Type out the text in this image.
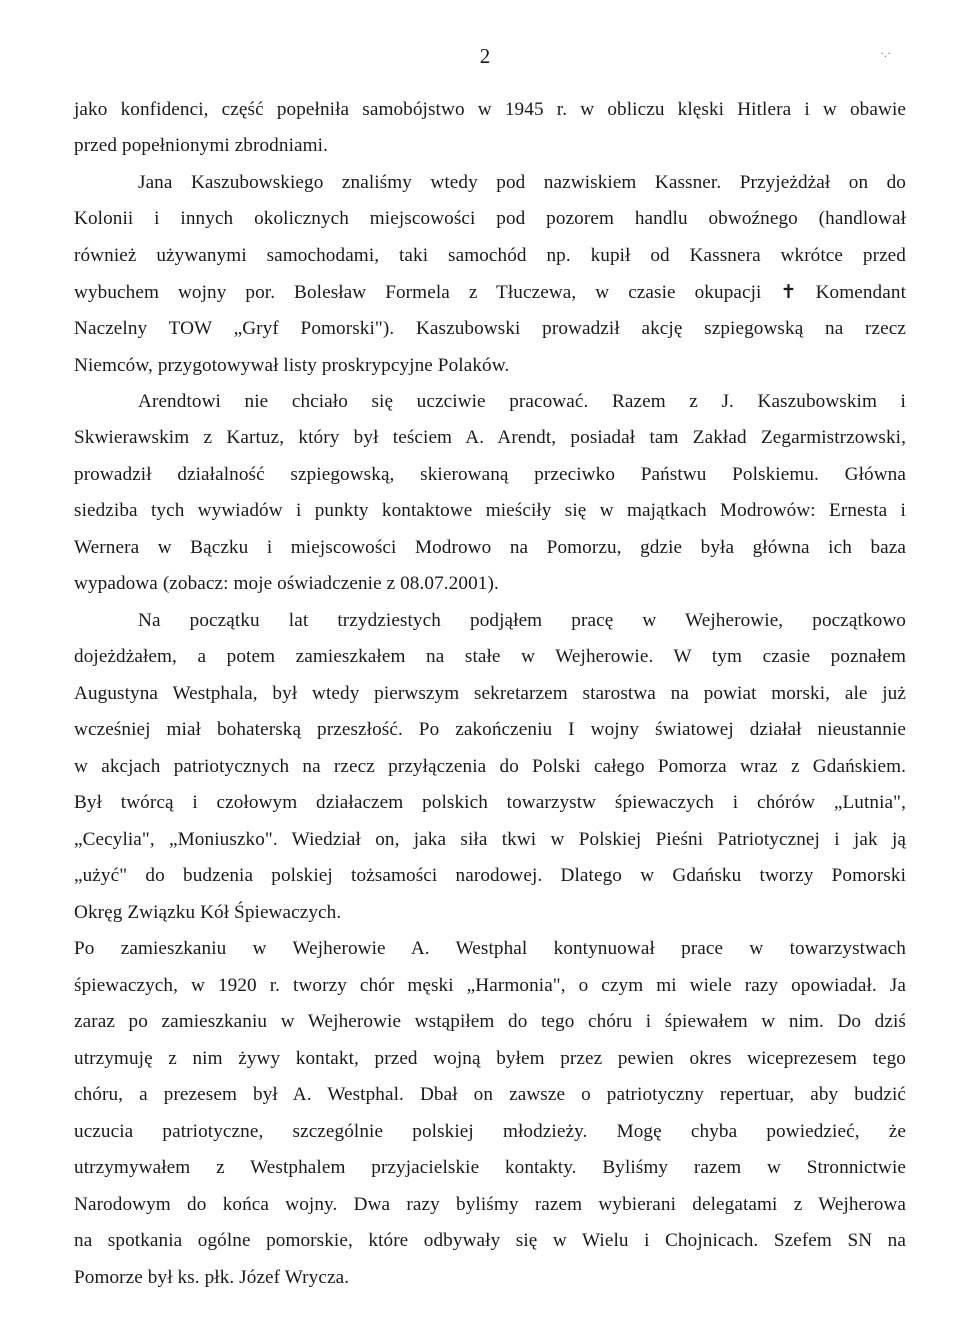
2	·.·
jako konfidenci, część popełniła samobójstwo w 1945 r. w obliczu klęski Hitlera i w obawie
przed popełnionymi zbrodniami.
Jana Kaszubowskiego znaliśmy wtedy pod nazwiskiem Kassner. Przyjeżdżał on do
Kolonii i innych okolicznych miejscowości pod pozorem handlu obwoźnego (handlował
również używanymi samochodami, taki samochód np. kupił od Kassnera wkrótce przed
wybuchem wojny por. Bolesław Formela z Tłuczewa, w czasie okupacji ✝ Komendant
Naczelny TOW „Gryf Pomorski"). Kaszubowski prowadził akcję szpiegowską na rzecz
Niemców, przygotowywał listy proskrypcyjne Polaków.
Arendtowi nie chciało się uczciwie pracować. Razem z J. Kaszubowskim i
Skwierawskim z Kartuz, który był teściem A. Arendt, posiadał tam Zakład Zegarmistrzowski,
prowadził działalność szpiegowską, skierowaną przeciwko Państwu Polskiemu. Główna
siedziba tych wywiadów i punkty kontaktowe mieściły się w majątkach Modrowów: Ernesta i
Wernera w Bączku i miejscowości Modrowo na Pomorzu, gdzie była główna ich baza
wypadowa (zobacz: moje oświadczenie z 08.07.2001).
Na początku lat trzydziestych podjąłem pracę w Wejherowie, początkowo
dojeżdżałem, a potem zamieszkałem na stałe w Wejherowie. W tym czasie poznałem
Augustyna Westphala, był wtedy pierwszym sekretarzem starostwa na powiat morski, ale już
wcześniej miał bohaterską przeszłość. Po zakończeniu I wojny światowej działał nieustannie
w akcjach patriotycznych na rzecz przyłączenia do Polski całego Pomorza wraz z Gdańskiem.
Był twórcą i czołowym działaczem polskich towarzystw śpiewaczych i chórów „Lutnia",
„Cecylia", „Moniuszko". Wiedział on, jaka siła tkwi w Polskiej Pieśni Patriotycznej i jak ją
„użyć" do budzenia polskiej tożsamości narodowej. Dlatego w Gdańsku tworzy Pomorski
Okręg Związku Kół Śpiewaczych.
Po zamieszkaniu w Wejherowie A. Westphal kontynuował prace w towarzystwach
śpiewaczych, w 1920 r. tworzy chór męski „Harmonia", o czym mi wiele razy opowiadał. Ja
zaraz po zamieszkaniu w Wejherowie wstąpiłem do tego chóru i śpiewałem w nim. Do dziś
utrzymuję z nim żywy kontakt, przed wojną byłem przez pewien okres wiceprezesem tego
chóru, a prezesem był A. Westphal. Dbał on zawsze o patriotyczny repertuar, aby budzić
uczucia patriotyczne, szczególnie polskiej młodzieży. Mogę chyba powiedzieć, że
utrzymywałem z Westphalem przyjacielskie kontakty. Byliśmy razem w Stronnictwie
Narodowym do końca wojny. Dwa razy byliśmy razem wybierani delegatami z Wejherowa
na spotkania ogólne pomorskie, które odbywały się w Wielu i Chojnicach. Szefem SN na
Pomorze był ks. płk. Józef Wrycza.
